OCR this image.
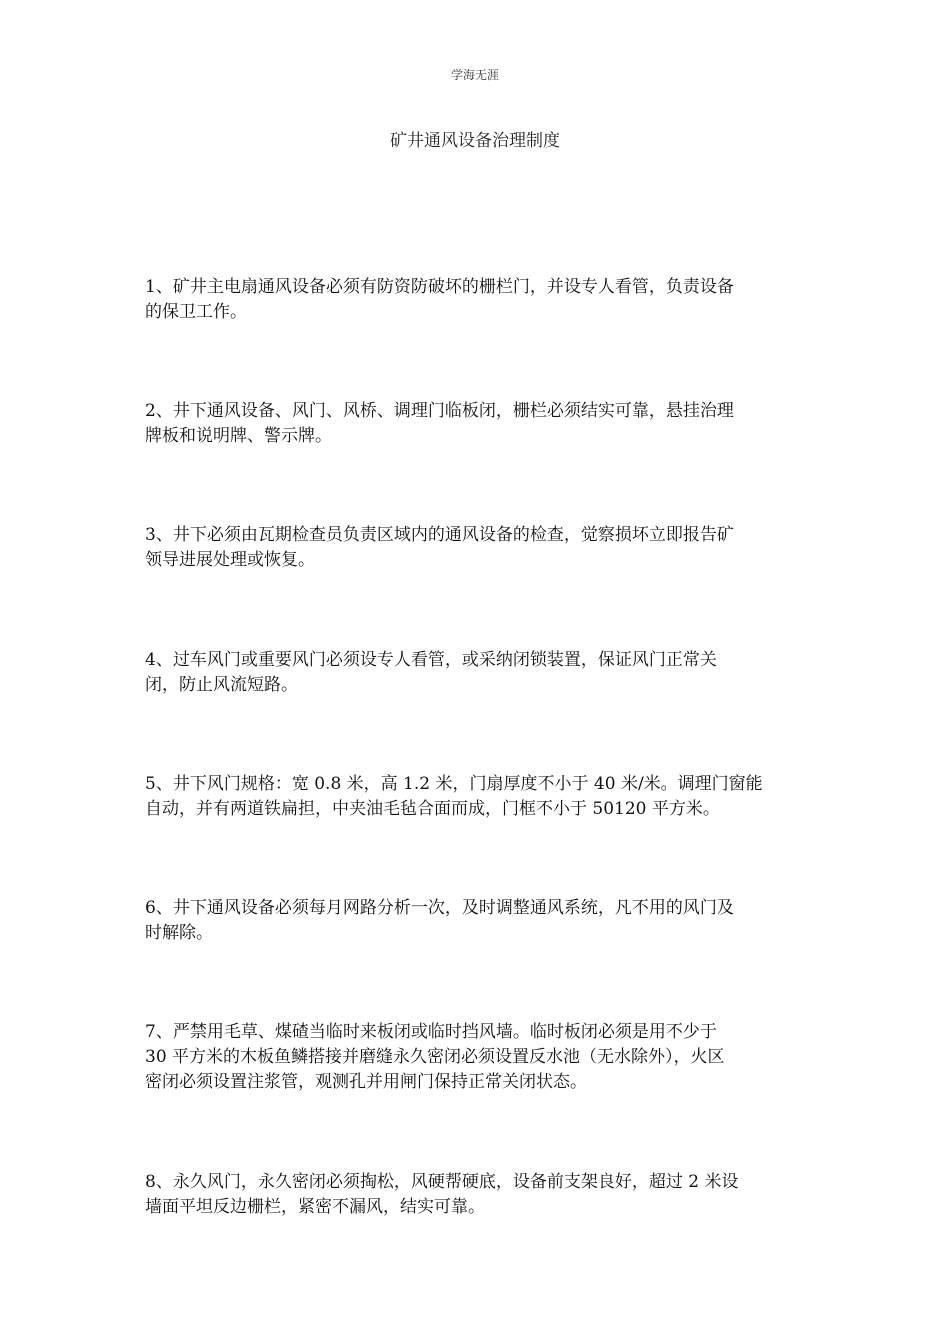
学海无涯
矿井通风设备治理制度

1、矿井主电扇通风设备必须有防资防破坏的栅栏门，并设专人看管，负责设备
的保卫工作。

2、井下通风设备、风门、风桥、调理门临板闭，栅栏必须结实可靠，悬挂治理
牌板和说明牌、警示牌。

3、井下必须由瓦期检查员负责区域内的通风设备的检查，觉察损坏立即报告矿
领导进展处理或恢复。

4、过车风门或重要风门必须设专人看管，或采纳闭锁装置，保证风门正常关
闭，防止风流短路。

5、井下风门规格：宽 0.8 米，高 1.2 米，门扇厚度不小于 40 米/米。调理门窗能
自动，并有两道铁扁担，中夹油毛毡合面而成，门框不小于 50120 平方米。

6、井下通风设备必须每月网路分析一次，及时调整通风系统，凡不用的风门及
时解除。

7、严禁用毛草、煤碴当临时来板闭或临时挡风墙。临时板闭必须是用不少于
30 平方米的木板鱼鳞搭接并磨缝永久密闭必须设置反水池（无水除外），火区
密闭必须设置注浆管，观测孔并用闸门保持正常关闭状态。

8、永久风门，永久密闭必须掏松，风硬帮硬底，设备前支架良好，超过 2 米设
墙面平坦反边栅栏，紧密不漏风，结实可靠。
